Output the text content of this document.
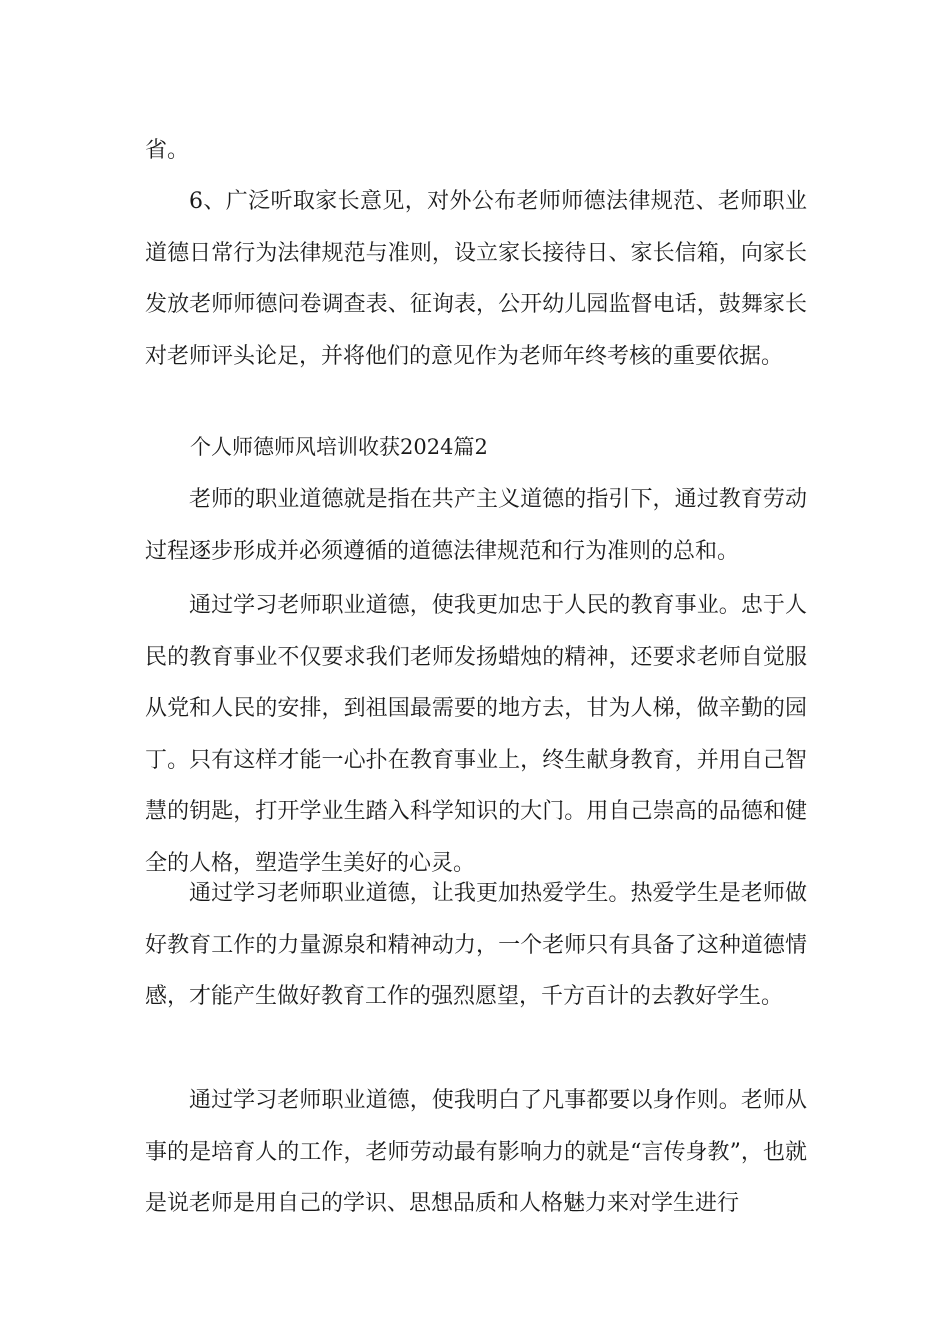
省。
6、广泛听取家长意见，对外公布老师师德法律规范、老师职业道德日常行为法律规范与准则，设立家长接待日、家长信箱，向家长发放老师师德问卷调查表、征询表，公开幼儿园监督电话，鼓舞家长对老师评头论足，并将他们的意见作为老师年终考核的重要依据。
个人师德师风培训收获2024篇2
老师的职业道德就是指在共产主义道德的指引下，通过教育劳动过程逐步形成并必须遵循的道德法律规范和行为准则的总和。
通过学习老师职业道德，使我更加忠于人民的教育事业。忠于人民的教育事业不仅要求我们老师发扬蜡烛的精神，还要求老师自觉服从党和人民的安排，到祖国最需要的地方去，甘为人梯，做辛勤的园丁。只有这样才能一心扑在教育事业上，终生献身教育，并用自己智慧的钥匙，打开学业生踏入科学知识的大门。用自己崇高的品德和健全的人格，塑造学生美好的心灵。
通过学习老师职业道德，让我更加热爱学生。热爱学生是老师做好教育工作的力量源泉和精神动力，一个老师只有具备了这种道德情感，才能产生做好教育工作的强烈愿望，千方百计的去教好学生。
通过学习老师职业道德，使我明白了凡事都要以身作则。老师从事的是培育人的工作，老师劳动最有影响力的就是“言传身教”，也就是说老师是用自己的学识、思想品质和人格魅力来对学生进行
